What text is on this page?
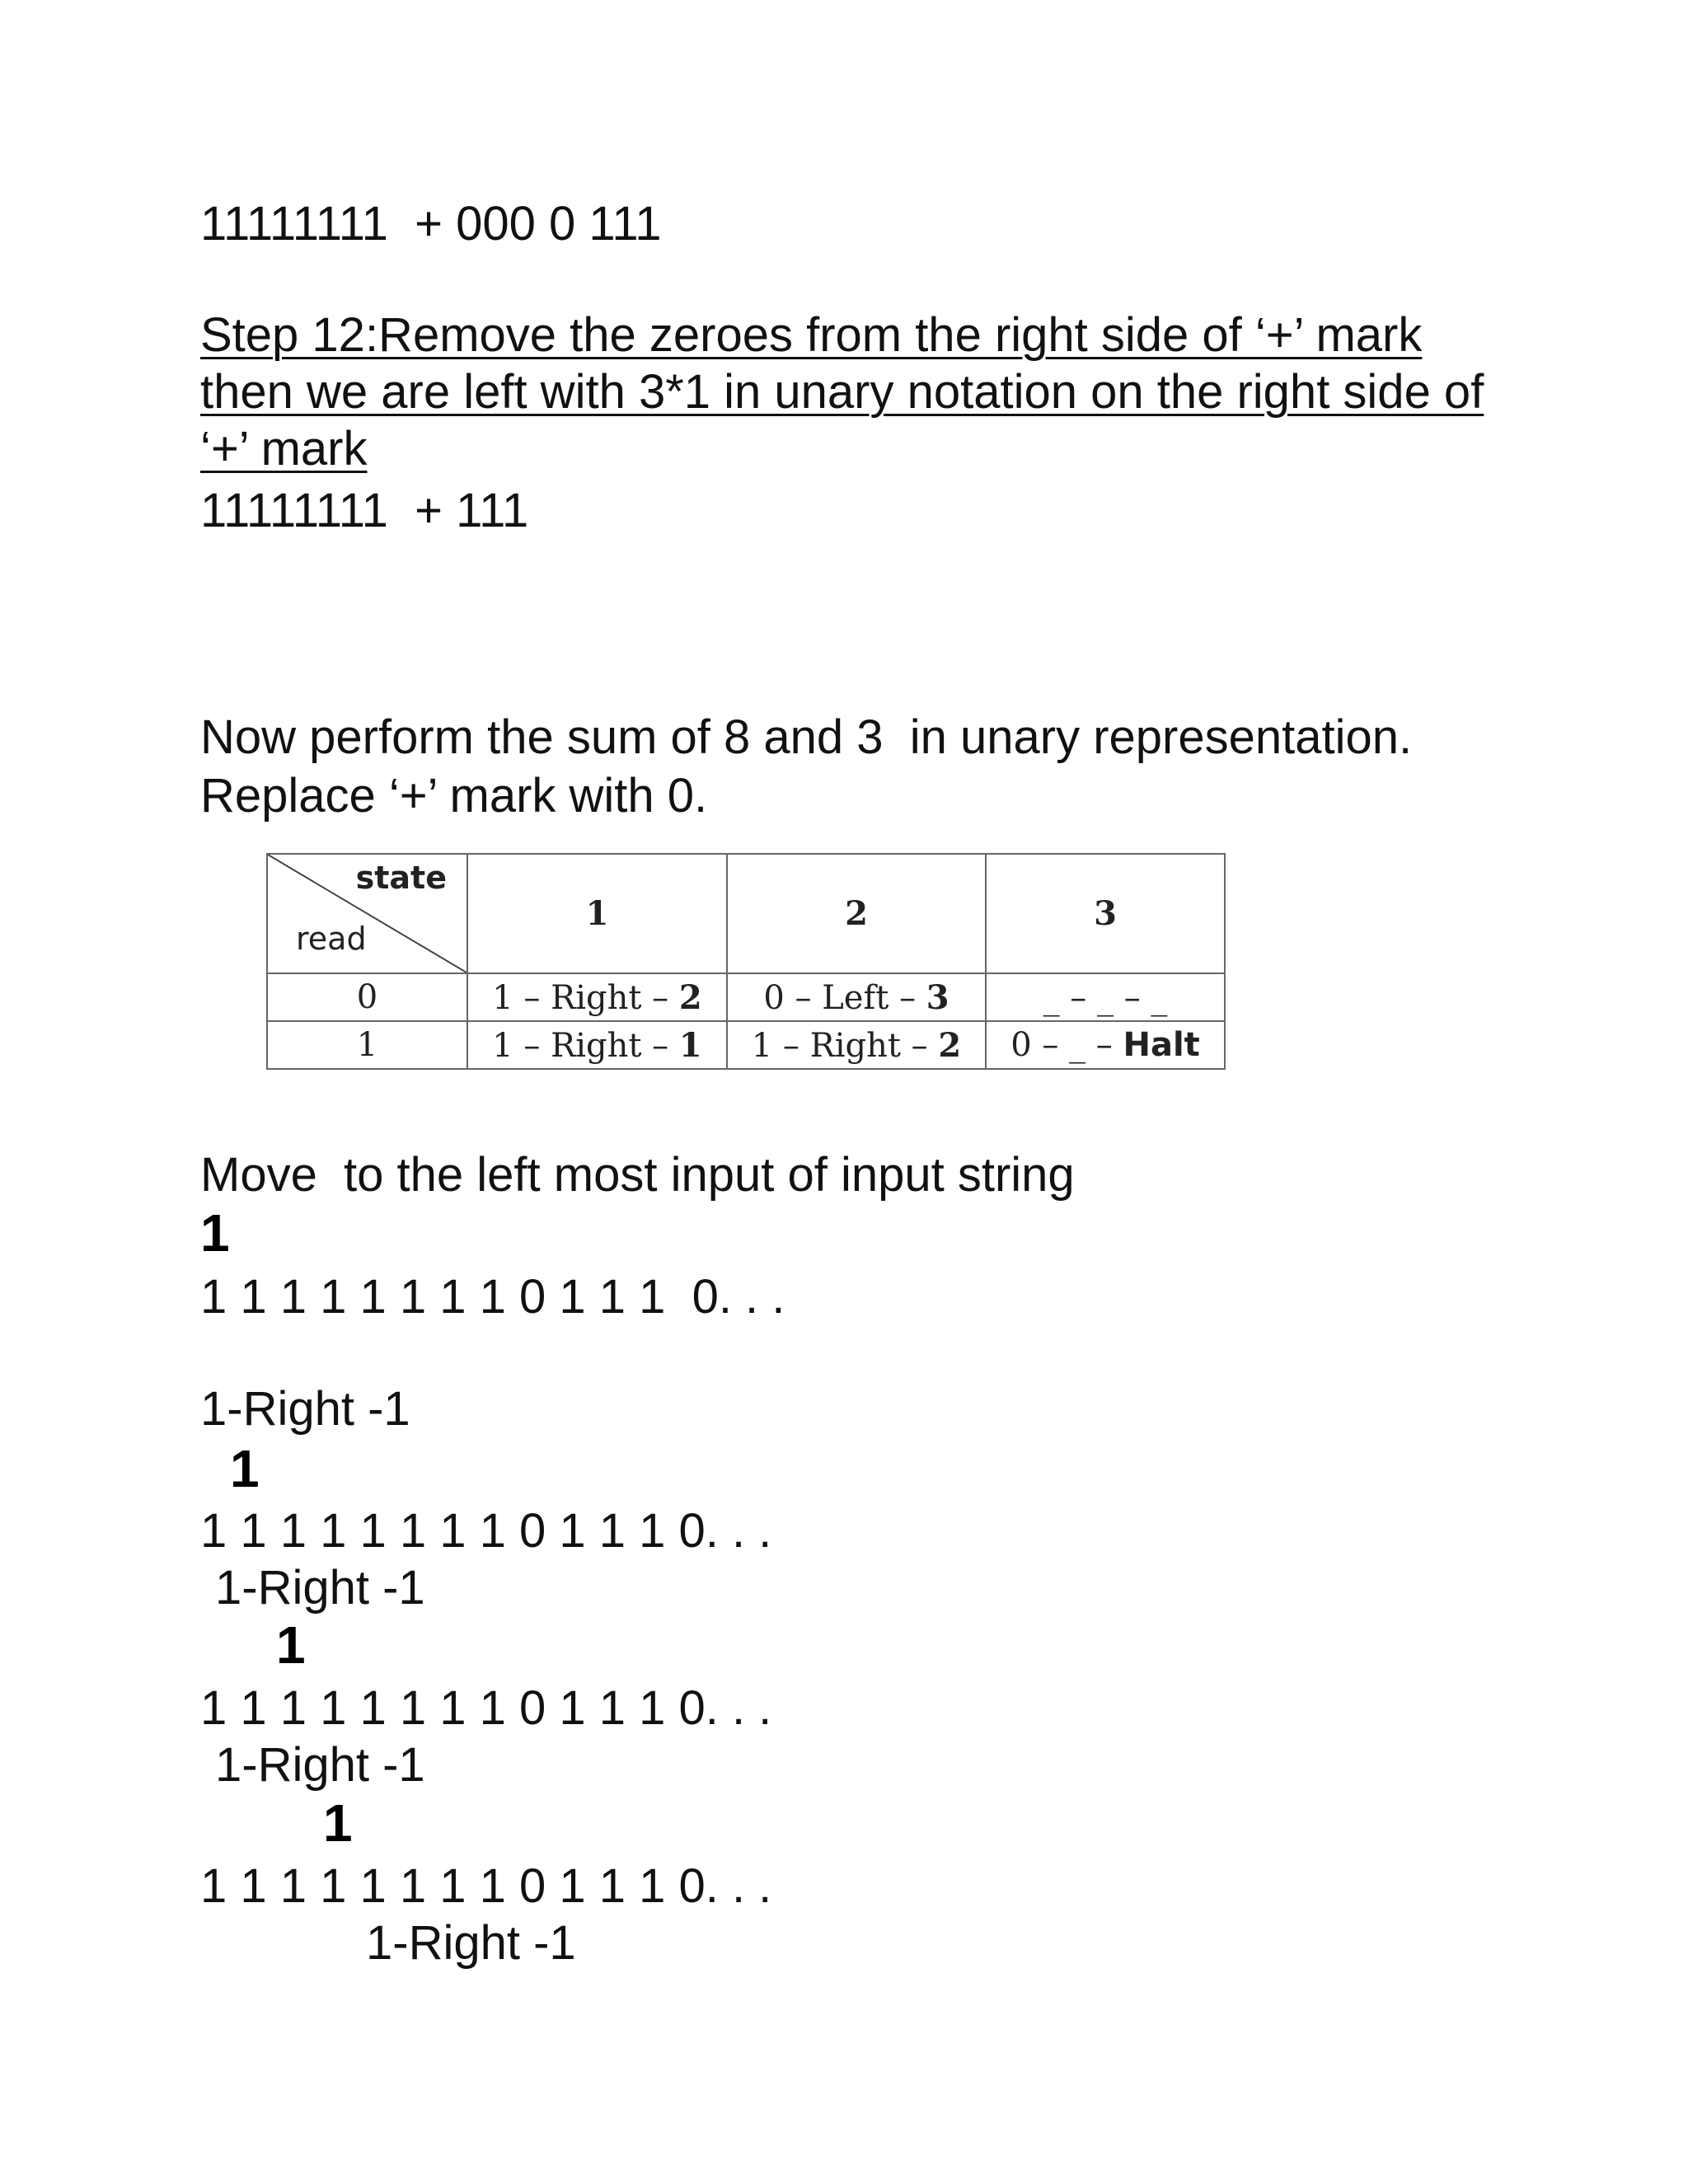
11111111  + 000 0 111
Step 12:Remove the zeroes from the right side of ‘+’ mark then we are left with 3*1 in unary notation on the right side of ‘+’ mark
11111111  + 111
Now perform the sum of 8 and 3  in unary representation.
Replace ‘+’ mark with 0.
state
read	1	2	3
0	1 – Right – 2	0 – Left – 3	_ – _ – _
1	1 – Right – 1	1 – Right – 2	0 – _ – Halt
Move  to the left most input of input string
1
1 1 1 1 1 1 1 1 0 1 1 1  0. . .
1-Right -1
1
1 1 1 1 1 1 1 1 0 1 1 1 0. . .
1-Right -1
1
1 1 1 1 1 1 1 1 0 1 1 1 0. . .
1-Right -1
1
1 1 1 1 1 1 1 1 0 1 1 1 0. . .
1-Right -1
